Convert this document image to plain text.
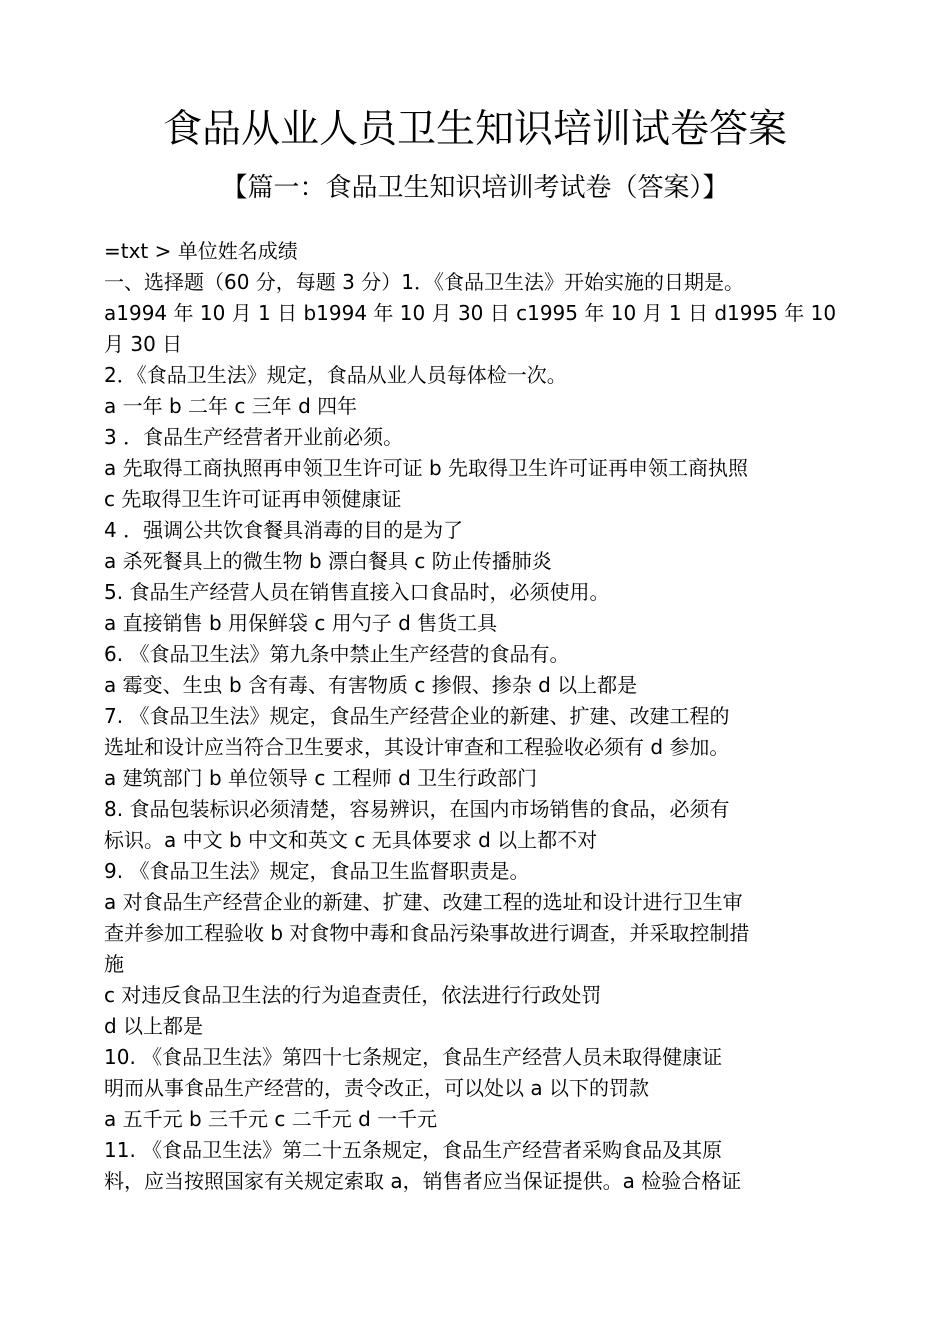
食品从业人员卫生知识培训试卷答案
【篇一：食品卫生知识培训考试卷（答案）】
=txt > 单位姓名成绩
一、选择题（60 分，每题 3 分）1．《食品卫生法》开始实施的日期是。
a1994 年 10 月 1 日 b1994 年 10 月 30 日 c1995 年 10 月 1 日 d1995 年 10
月 30 日
2．《食品卫生法》规定，食品从业人员每体检一次。
a 一年 b 二年 c 三年 d 四年
3 ．食品生产经营者开业前必须。
a 先取得工商执照再申领卫生许可证 b 先取得卫生许可证再申领工商执照
c 先取得卫生许可证再申领健康证
4 ．强调公共饮食餐具消毒的目的是为了
a 杀死餐具上的微生物 b 漂白餐具 c 防止传播肺炎
5. 食品生产经营人员在销售直接入口食品时，必须使用。
a 直接销售 b 用保鲜袋 c 用勺子 d 售货工具
6. 《食品卫生法》第九条中禁止生产经营的食品有。
a 霉变、生虫 b 含有毒、有害物质 c 掺假、掺杂 d 以上都是
7. 《食品卫生法》规定，食品生产经营企业的新建、扩建、改建工程的
选址和设计应当符合卫生要求，其设计审查和工程验收必须有 d 参加。
a 建筑部门 b 单位领导 c 工程师 d 卫生行政部门
8. 食品包装标识必须清楚，容易辨识，在国内市场销售的食品，必须有
标识。a 中文 b 中文和英文 c 无具体要求 d 以上都不对
9. 《食品卫生法》规定，食品卫生监督职责是。
a 对食品生产经营企业的新建、扩建、改建工程的选址和设计进行卫生审
查并参加工程验收 b 对食物中毒和食品污染事故进行调查，并采取控制措
施
c 对违反食品卫生法的行为追查责任，依法进行行政处罚
d 以上都是
10. 《食品卫生法》第四十七条规定，食品生产经营人员未取得健康证
明而从事食品生产经营的，责令改正，可以处以 a 以下的罚款
a 五千元 b 三千元 c 二千元 d 一千元
11. 《食品卫生法》第二十五条规定，食品生产经营者采购食品及其原
料，应当按照国家有关规定索取 a，销售者应当保证提供。a 检验合格证
